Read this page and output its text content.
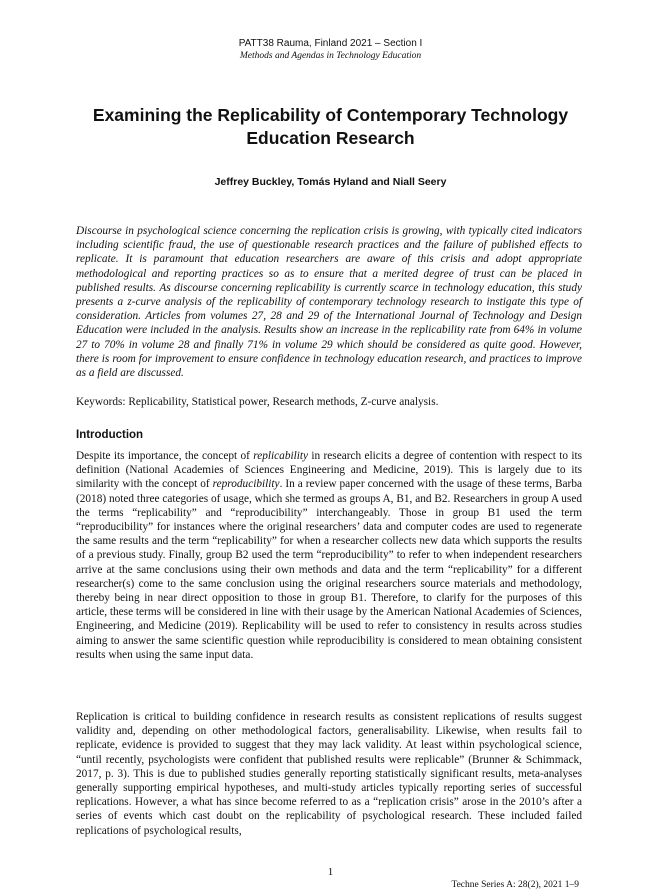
PATT38 Rauma, Finland 2021 – Section I
Methods and Agendas in Technology Education
Examining the Replicability of Contemporary Technology Education Research
Jeffrey Buckley, Tomás Hyland and Niall Seery

Discourse in psychological science concerning the replication crisis is growing, with typically cited indicators including scientific fraud, the use of questionable research practices and the failure of published effects to replicate. It is paramount that education researchers are aware of this crisis and adopt appropriate methodological and reporting practices so as to ensure that a merited degree of trust can be placed in published results. As discourse concerning replicability is currently scarce in technology education, this study presents a z-curve analysis of the replicability of contemporary technology research to instigate this type of consideration. Articles from volumes 27, 28 and 29 of the International Journal of Technology and Design Education were included in the analysis. Results show an increase in the replicability rate from 64% in volume 27 to 70% in volume 28 and finally 71% in volume 29 which should be considered as quite good. However, there is room for improvement to ensure confidence in technology education research, and practices to improve as a field are discussed.

Keywords: Replicability, Statistical power, Research methods, Z-curve analysis.

Introduction

Despite its importance, the concept of replicability in research elicits a degree of contention with respect to its definition (National Academies of Sciences Engineering and Medicine, 2019). This is largely due to its similarity with the concept of reproducibility. In a review paper concerned with the usage of these terms, Barba (2018) noted three categories of usage, which she termed as groups A, B1, and B2. Researchers in group A used the terms “replicability” and “reproducibility” interchangeably. Those in group B1 used the term “reproducibility” for instances where the original researchers’ data and computer codes are used to regenerate the same results and the term “replicability” for when a researcher collects new data which supports the results of a previous study. Finally, group B2 used the term “reproducibility” to refer to when independent researchers arrive at the same conclusions using their own methods and data and the term “replicability” for a different researcher(s) come to the same conclusion using the original researchers source materials and methodology, thereby being in near direct opposition to those in group B1. Therefore, to clarify for the purposes of this article, these terms will be considered in line with their usage by the American National Academies of Sciences, Engineering, and Medicine (2019). Replicability will be used to refer to consistency in results across studies aiming to answer the same scientific question while reproducibility is considered to mean obtaining consistent results when using the same input data.

Replication is critical to building confidence in research results as consistent replications of results suggest validity and, depending on other methodological factors, generalisability. Likewise, when results fail to replicate, evidence is provided to suggest that they may lack validity. At least within psychological science, “until recently, psychologists were confident that published results were replicable” (Brunner & Schimmack, 2017, p. 3). This is due to published studies generally reporting statistically significant results, meta-analyses generally supporting empirical hypotheses, and multi-study articles typically reporting series of successful replications. However, a what has since become referred to as a “replication crisis” arose in the 2010’s after a series of events which cast doubt on the replicability of psychological research. These included failed replications of psychological results,

1
Techne Series A: 28(2), 2021 1–9
